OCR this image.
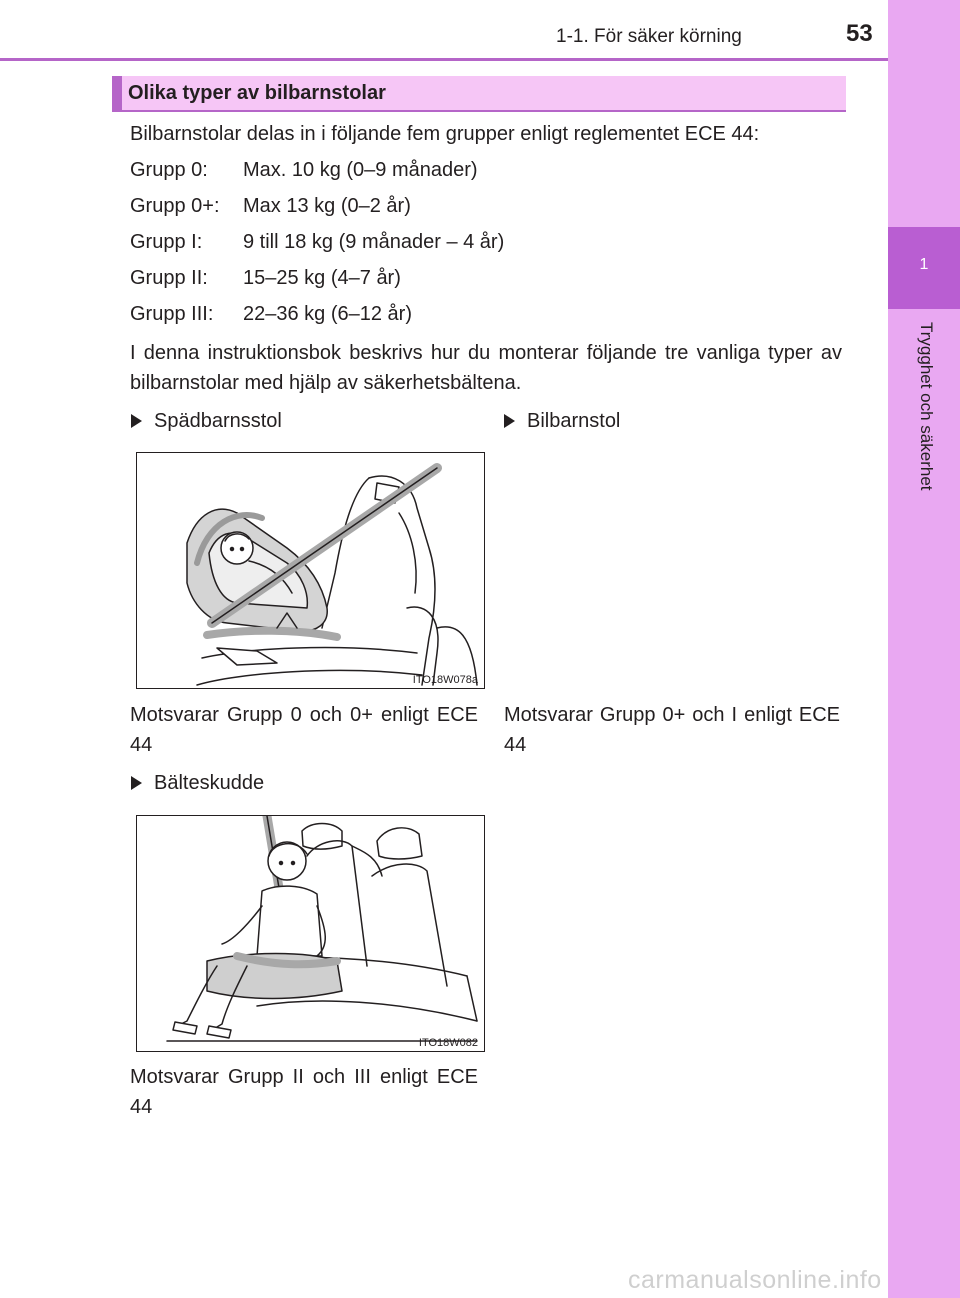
1-1. För säker körning	53
1
Trygghet och säkerhet
Olika typer av bilbarnstolar
Bilbarnstolar delas in i följande fem grupper enligt reglementet ECE 44:
Grupp 0: Max. 10 kg (0–9 månader)
Grupp 0+: Max 13 kg (0–2 år)
Grupp I: 9 till 18 kg (9 månader – 4 år)
Grupp II: 15–25 kg (4–7 år)
Grupp III: 22–36 kg (6–12 år)
I denna instruktionsbok beskrivs hur du monterar följande tre vanliga typer av bilbarnstolar med hjälp av säkerhetsbältena.
Spädbarnsstol
ITO18W078a
Motsvarar Grupp 0 och 0+ enligt ECE 44
Bilbarnstol
Motsvarar Grupp 0+ och I enligt ECE 44
Bälteskudde
ITO18W082
Motsvarar Grupp II och III enligt ECE 44
carmanualsonline.info
